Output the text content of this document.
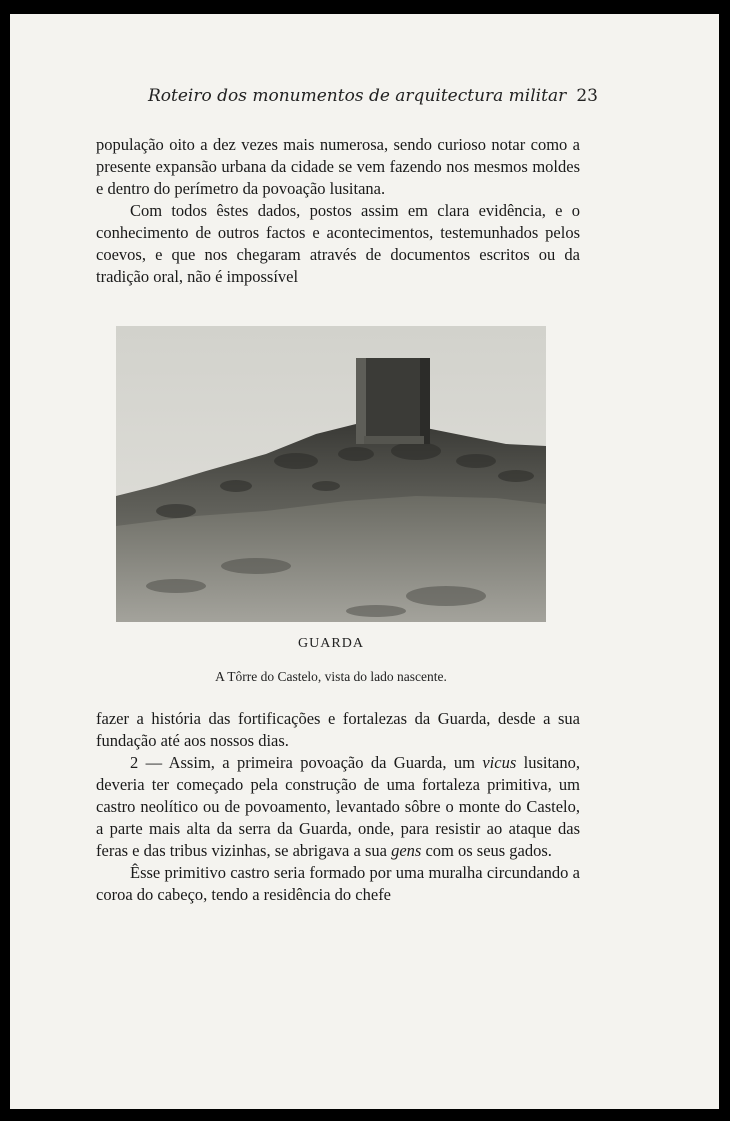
Roteiro dos monumentos de arquitectura militar 23

população oito a dez vezes mais numerosa, sendo curioso notar como a presente expansão urbana da cidade se vem fazendo nos mesmos moldes e dentro do perímetro da povoação lusitana.

Com todos êstes dados, postos assim em clara evidência, e o conhecimento de outros factos e acontecimentos, testemunhados pelos coevos, e que nos chegaram através de documentos escritos ou da tradição oral, não é impossível

GUARDA
A Tôrre do Castelo, vista do lado nascente.

fazer a história das fortificações e fortalezas da Guarda, desde a sua fundação até aos nossos dias.

2 — Assim, a primeira povoação da Guarda, um vicus lusitano, deveria ter começado pela construção de uma fortaleza primitiva, um castro neolítico ou de povoamento, levantado sôbre o monte do Castelo, a parte mais alta da serra da Guarda, onde, para resistir ao ataque das feras e das tribus vizinhas, se abrigava a sua gens com os seus gados.

Êsse primitivo castro seria formado por uma muralha circundando a coroa do cabeço, tendo a residência do chefe
